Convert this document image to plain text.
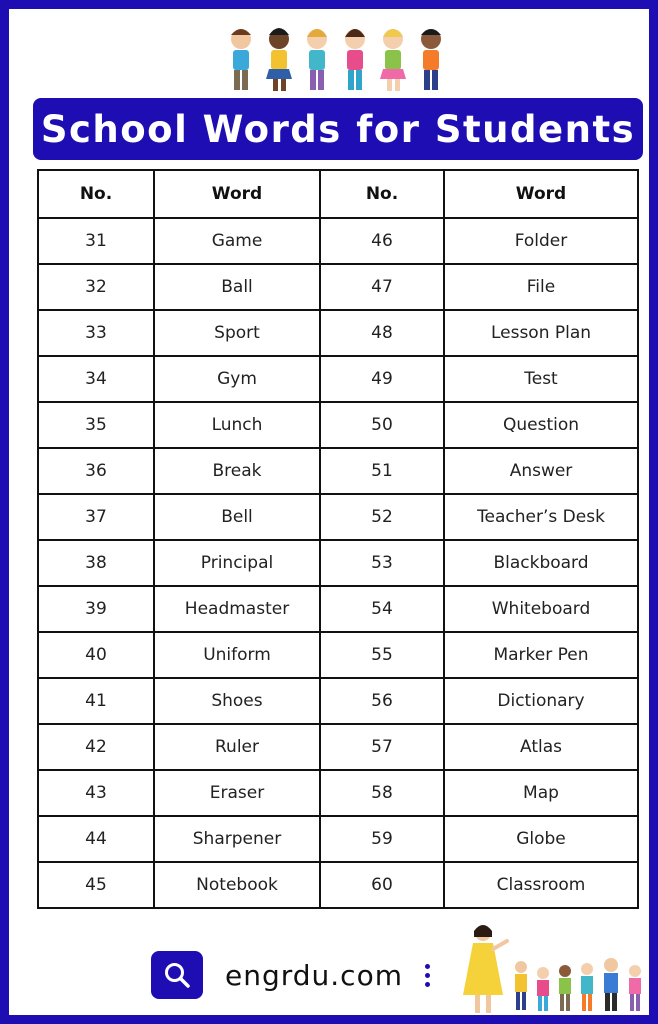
School Words for Students
No.	Word	No.	Word
31	Game	46	Folder
32	Ball	47	File
33	Sport	48	Lesson Plan
34	Gym	49	Test
35	Lunch	50	Question
36	Break	51	Answer
37	Bell	52	Teacher’s Desk
38	Principal	53	Blackboard
39	Headmaster	54	Whiteboard
40	Uniform	55	Marker Pen
41	Shoes	56	Dictionary
42	Ruler	57	Atlas
43	Eraser	58	Map
44	Sharpener	59	Globe
45	Notebook	60	Classroom
engrdu.com
